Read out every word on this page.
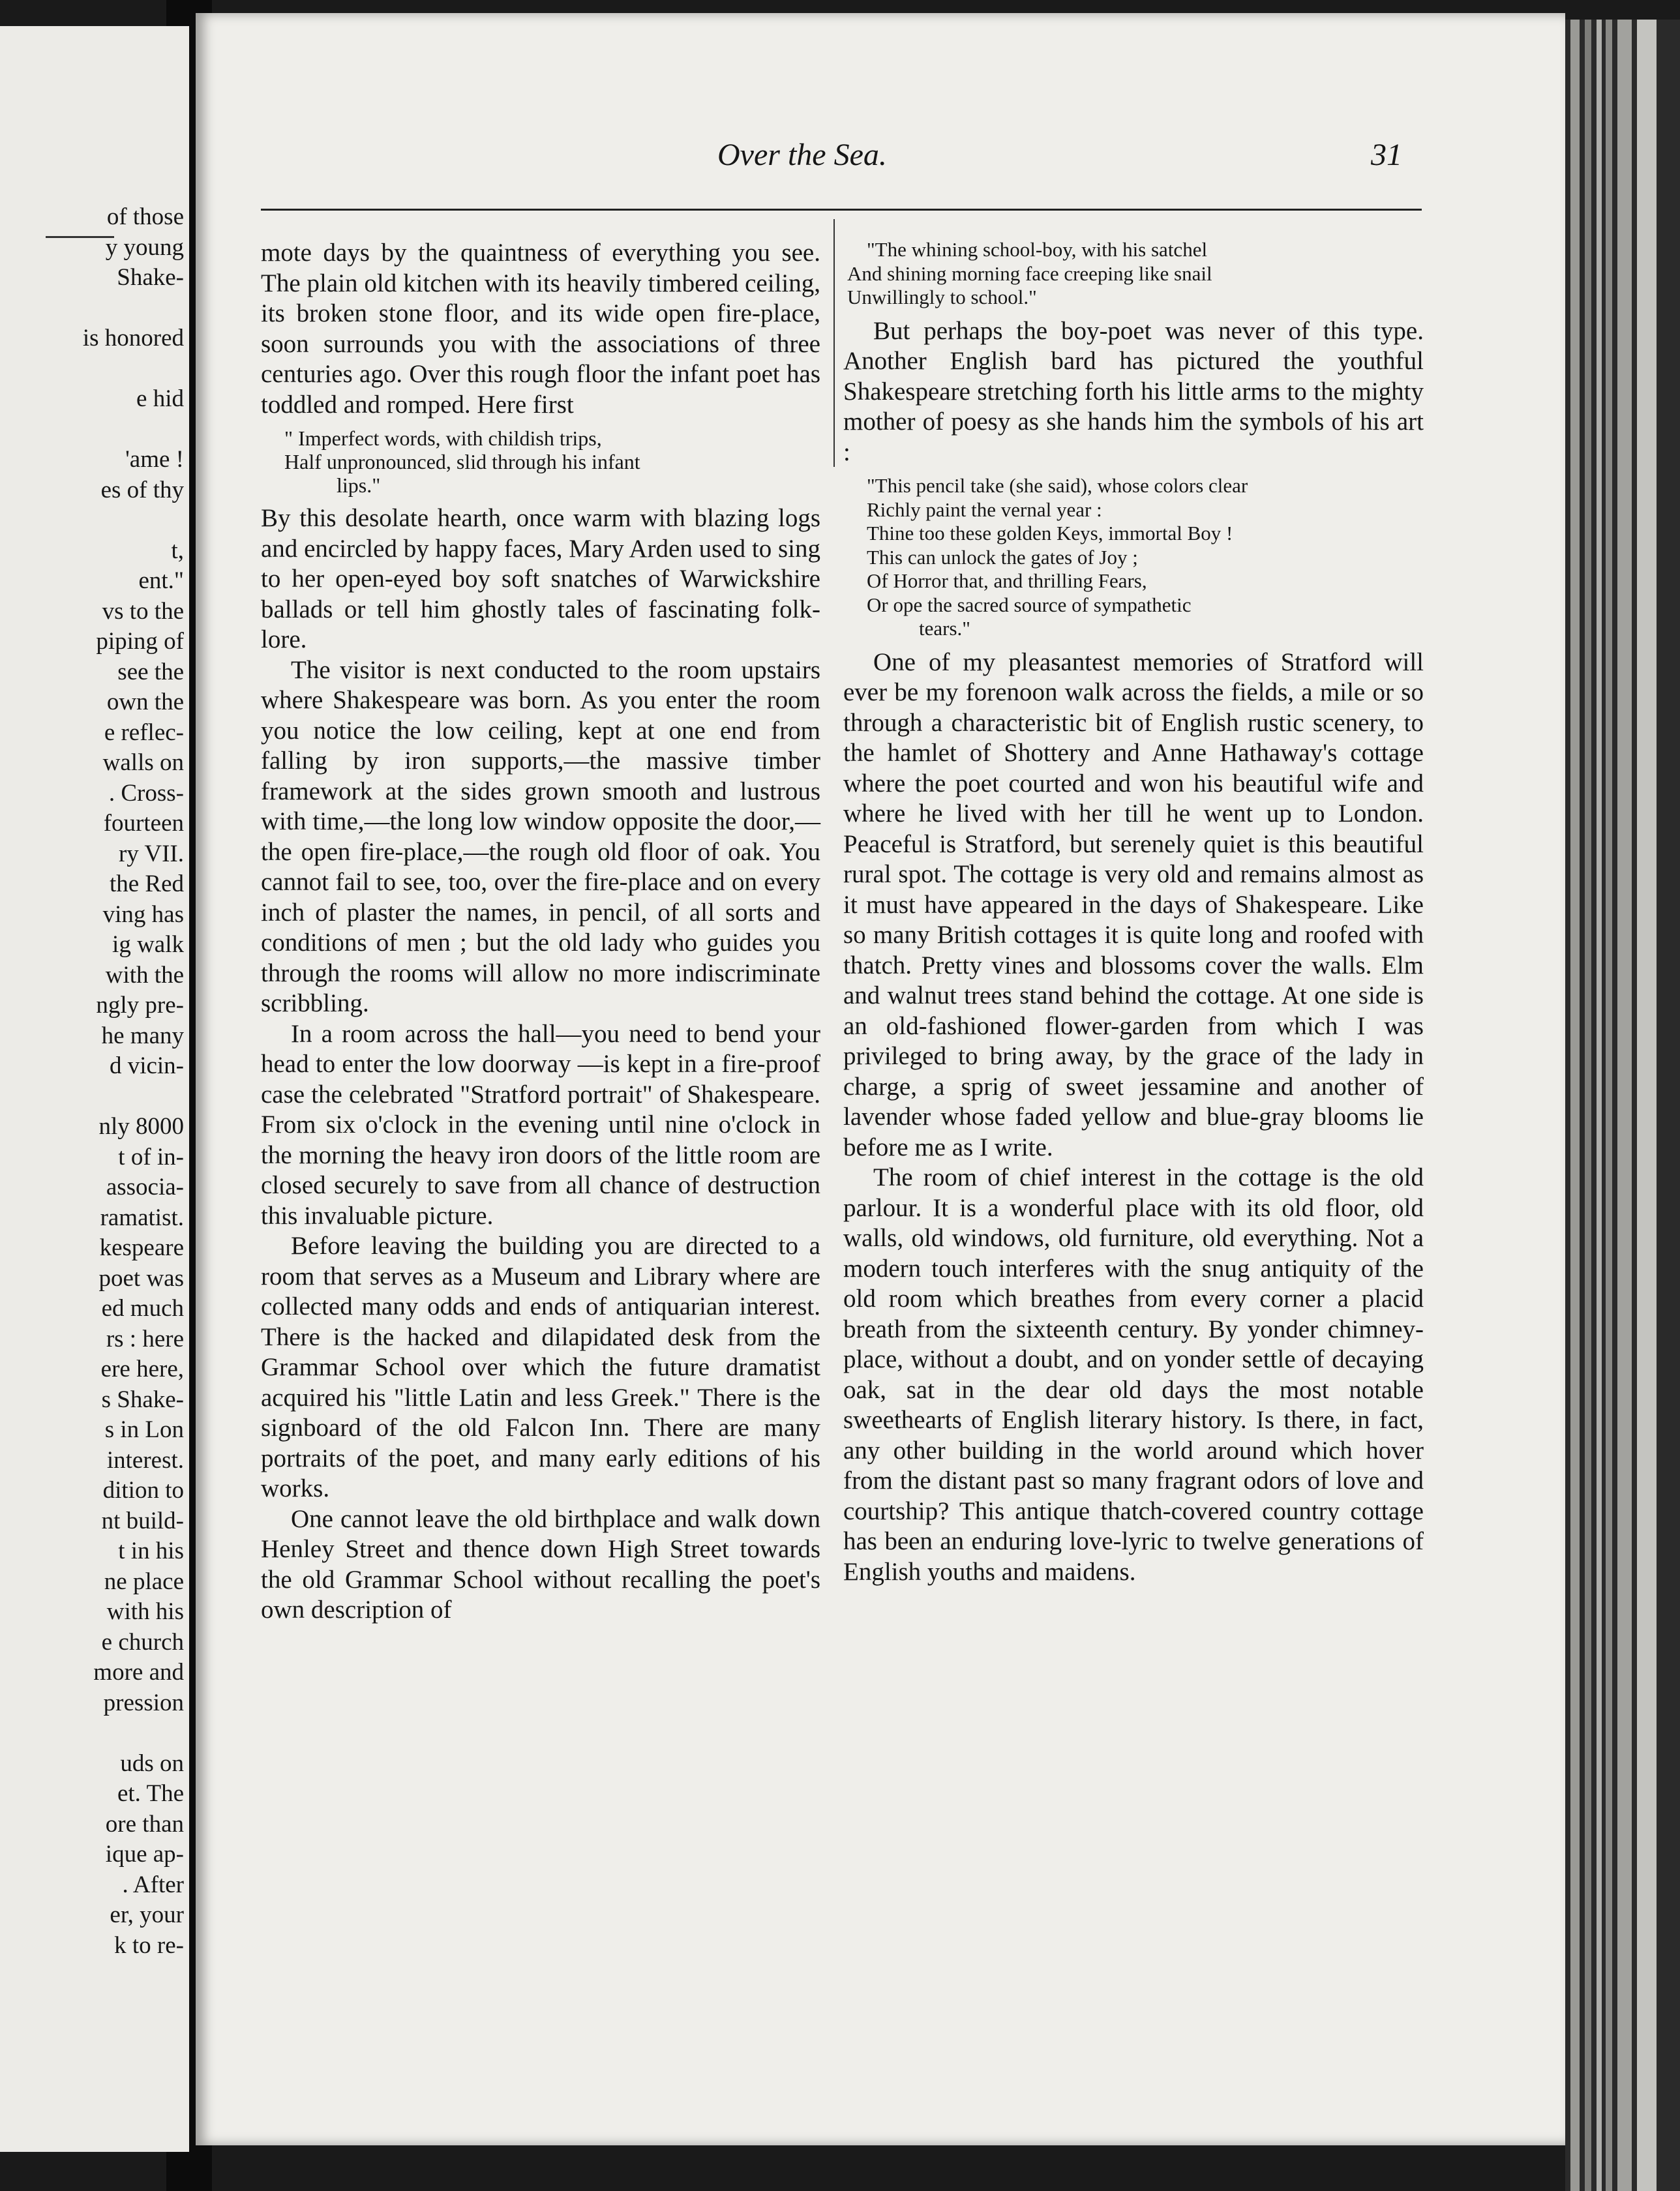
of those
y young
Shake-
is honored
e hid
'ame !
es of thy
t,
ent."
vs to the
piping of
see the
own the
e reflec-
walls on
. Cross-
fourteen
ry VII.
the Red
ving has
ig walk
with the
ngly pre-
he many
d vicin-
nly 8000
t of in-
associa-
ramatist.
kespeare
poet was
ed much
rs : here
ere here,
s Shake-
s in Lon
interest.
dition to
nt build-
t in his
ne place
with his
e church
more and
pression
uds on
et. The
ore than
ique ap-
. After
er, your
k to re-
Over the Sea.	31

mote days by the quaintness of everything you see. The plain old kitchen with its heavily timbered ceiling, its broken stone floor, and its wide open fire-place, soon surrounds you with the associations of three centuries ago. Over this rough floor the infant poet has toddled and romped. Here first

" Imperfect words, with childish trips,
Half unpronounced, slid through his infant
lips."

By this desolate hearth, once warm with blazing logs and encircled by happy faces, Mary Arden used to sing to her open-eyed boy soft snatches of Warwickshire ballads or tell him ghostly tales of fascinating folk-lore.

The visitor is next conducted to the room upstairs where Shakespeare was born. As you enter the room you notice the low ceiling, kept at one end from falling by iron supports,—the massive timber framework at the sides grown smooth and lustrous with time,—the long low window opposite the door,—the open fire-place,—the rough old floor of oak. You cannot fail to see, too, over the fire-place and on every inch of plaster the names, in pencil, of all sorts and conditions of men ; but the old lady who guides you through the rooms will allow no more indiscriminate scribbling.

In a room across the hall—you need to bend your head to enter the low doorway —is kept in a fire-proof case the celebrated "Stratford portrait" of Shakespeare. From six o'clock in the evening until nine o'clock in the morning the heavy iron doors of the little room are closed securely to save from all chance of destruction this invaluable picture.

Before leaving the building you are directed to a room that serves as a Museum and Library where are collected many odds and ends of antiquarian interest. There is the hacked and dilapidated desk from the Grammar School over which the future dramatist acquired his "little Latin and less Greek." There is the signboard of the old Falcon Inn. There are many portraits of the poet, and many early editions of his works.

One cannot leave the old birthplace and walk down Henley Street and thence down High Street towards the old Grammar School without recalling the poet's own description of

"The whining school-boy, with his satchel
And shining morning face creeping like snail
Unwillingly to school."

But perhaps the boy-poet was never of this type. Another English bard has pictured the youthful Shakespeare stretching forth his little arms to the mighty mother of poesy as she hands him the symbols of his art :

"This pencil take (she said), whose colors clear
Richly paint the vernal year :
Thine too these golden Keys, immortal Boy !
This can unlock the gates of Joy ;
Of Horror that, and thrilling Fears,
Or ope the sacred source of sympathetic
tears."

One of my pleasantest memories of Stratford will ever be my forenoon walk across the fields, a mile or so through a characteristic bit of English rustic scenery, to the hamlet of Shottery and Anne Hathaway's cottage where the poet courted and won his beautiful wife and where he lived with her till he went up to London. Peaceful is Stratford, but serenely quiet is this beautiful rural spot. The cottage is very old and remains almost as it must have appeared in the days of Shakespeare. Like so many British cottages it is quite long and roofed with thatch. Pretty vines and blossoms cover the walls. Elm and walnut trees stand behind the cottage. At one side is an old-fashioned flower-garden from which I was privileged to bring away, by the grace of the lady in charge, a sprig of sweet jessamine and another of lavender whose faded yellow and blue-gray blooms lie before me as I write.

The room of chief interest in the cottage is the old parlour. It is a wonderful place with its old floor, old walls, old windows, old furniture, old everything. Not a modern touch interferes with the snug antiquity of the old room which breathes from every corner a placid breath from the sixteenth century. By yonder chimney-place, without a doubt, and on yonder settle of decaying oak, sat in the dear old days the most notable sweethearts of English literary history. Is there, in fact, any other building in the world around which hover from the distant past so many fragrant odors of love and courtship? This antique thatch-covered country cottage has been an enduring love-lyric to twelve generations of English youths and maidens.
